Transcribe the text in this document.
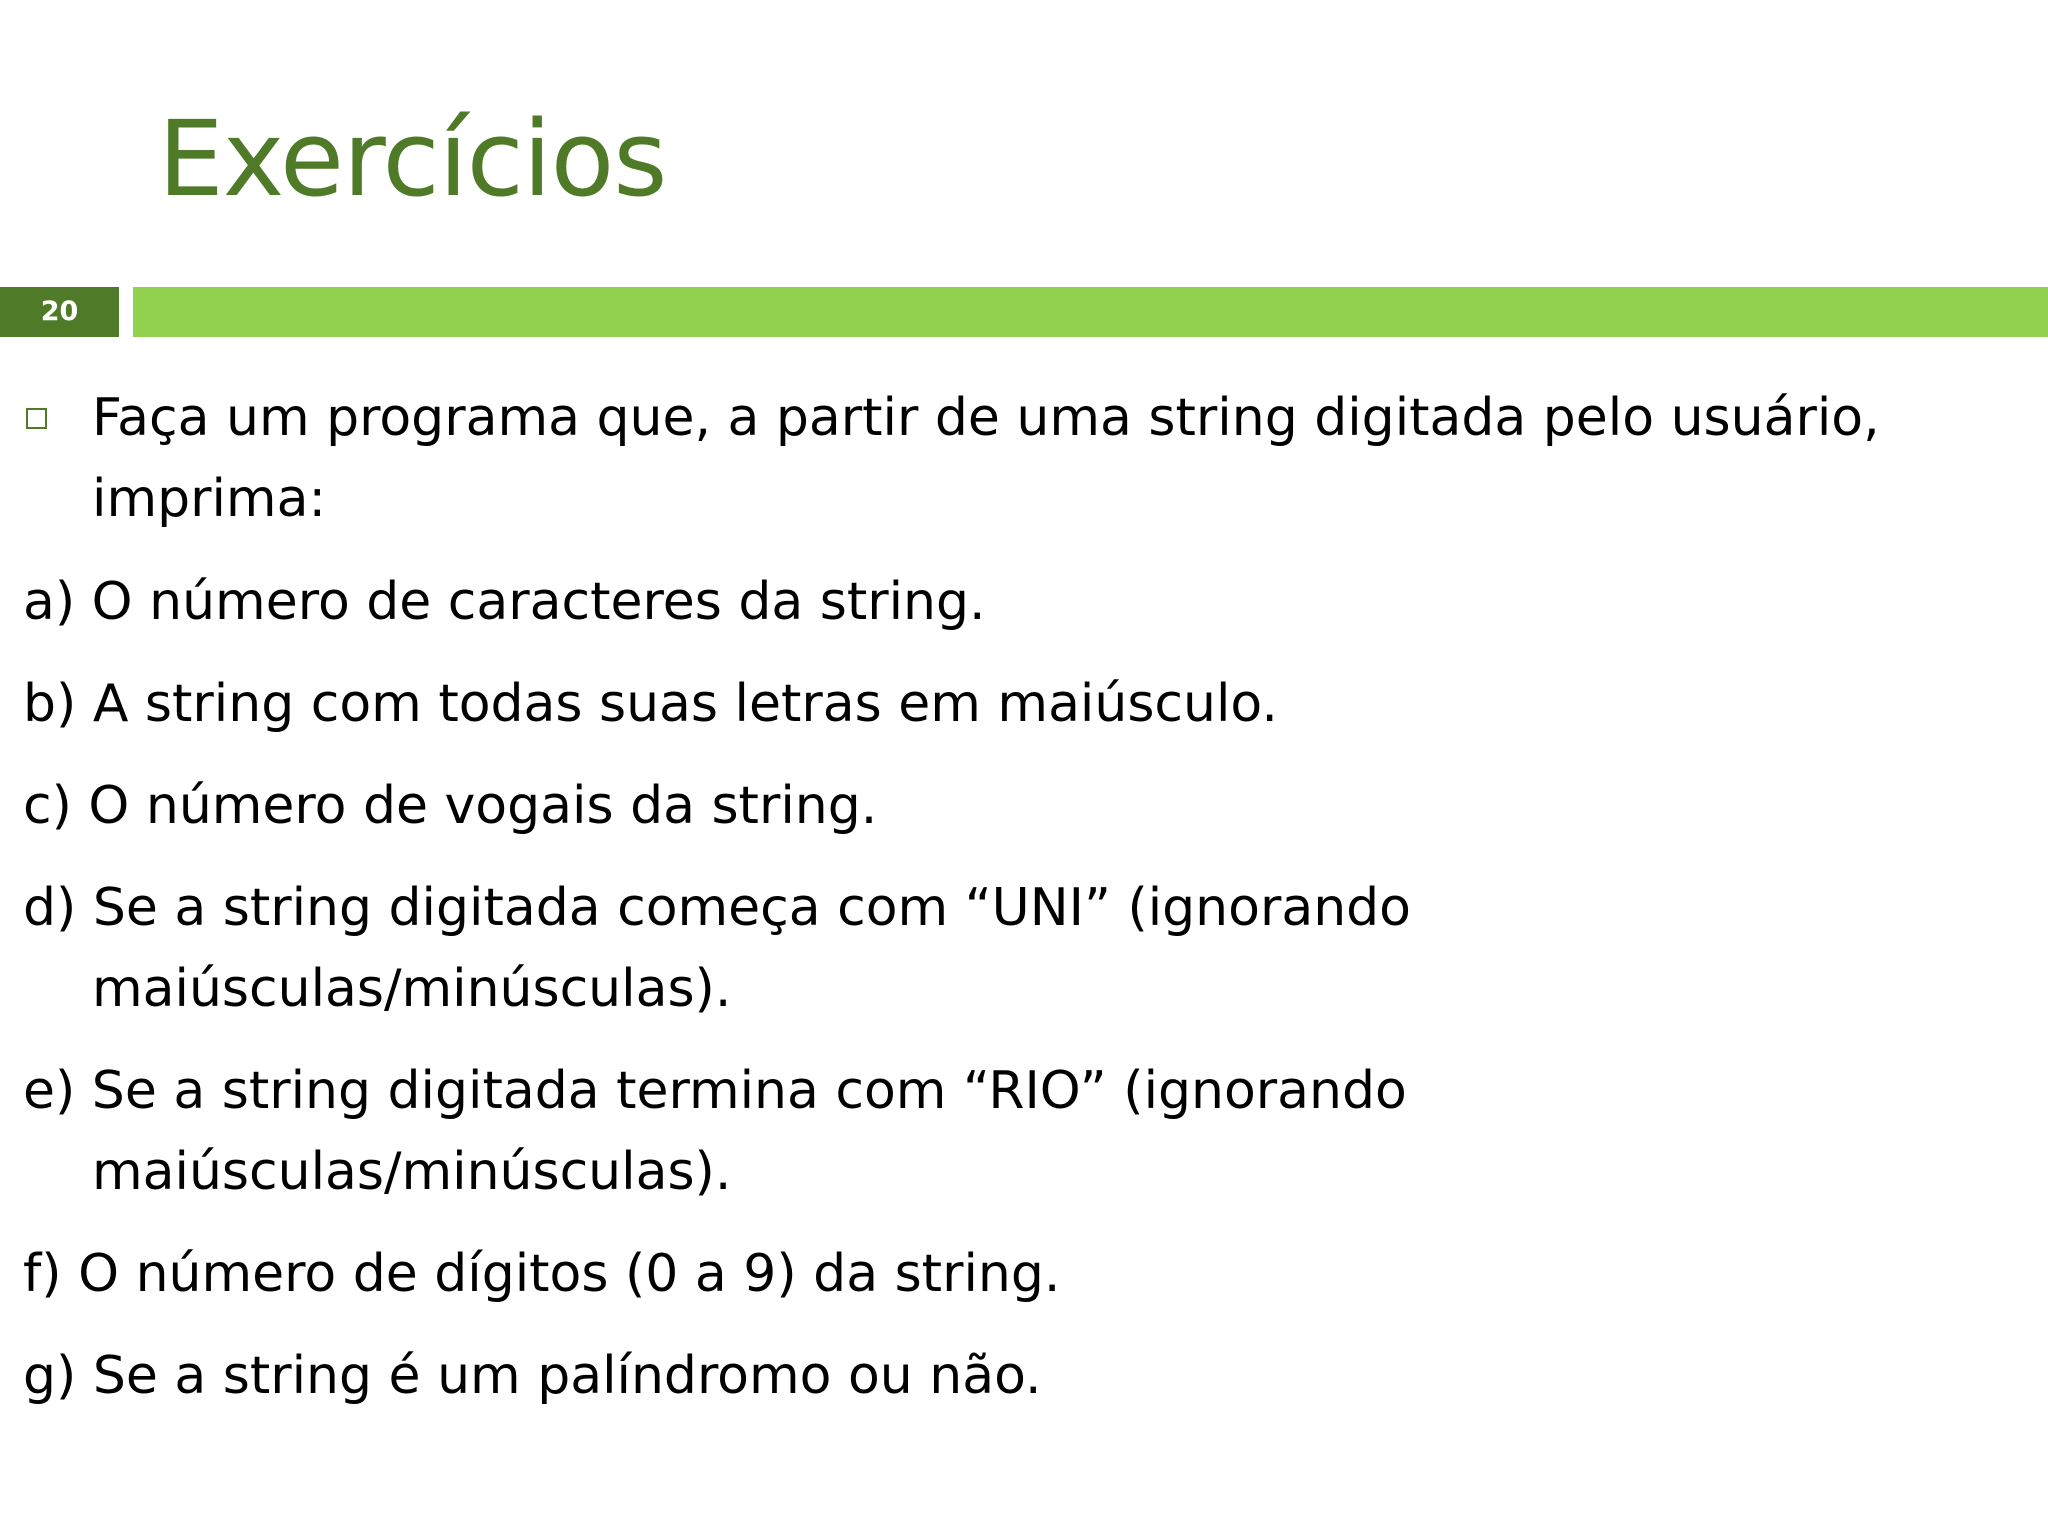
Exercícios
20
Faça um programa que, a partir de uma string digitada pelo usuário, imprima:
a) O número de caracteres da string.
b) A string com todas suas letras em maiúsculo.
c) O número de vogais da string.
d) Se a string digitada começa com “UNI” (ignorando maiúsculas/minúsculas).
e) Se a string digitada termina com “RIO” (ignorando maiúsculas/minúsculas).
f) O número de dígitos (0 a 9) da string.
g) Se a string é um palíndromo ou não.
